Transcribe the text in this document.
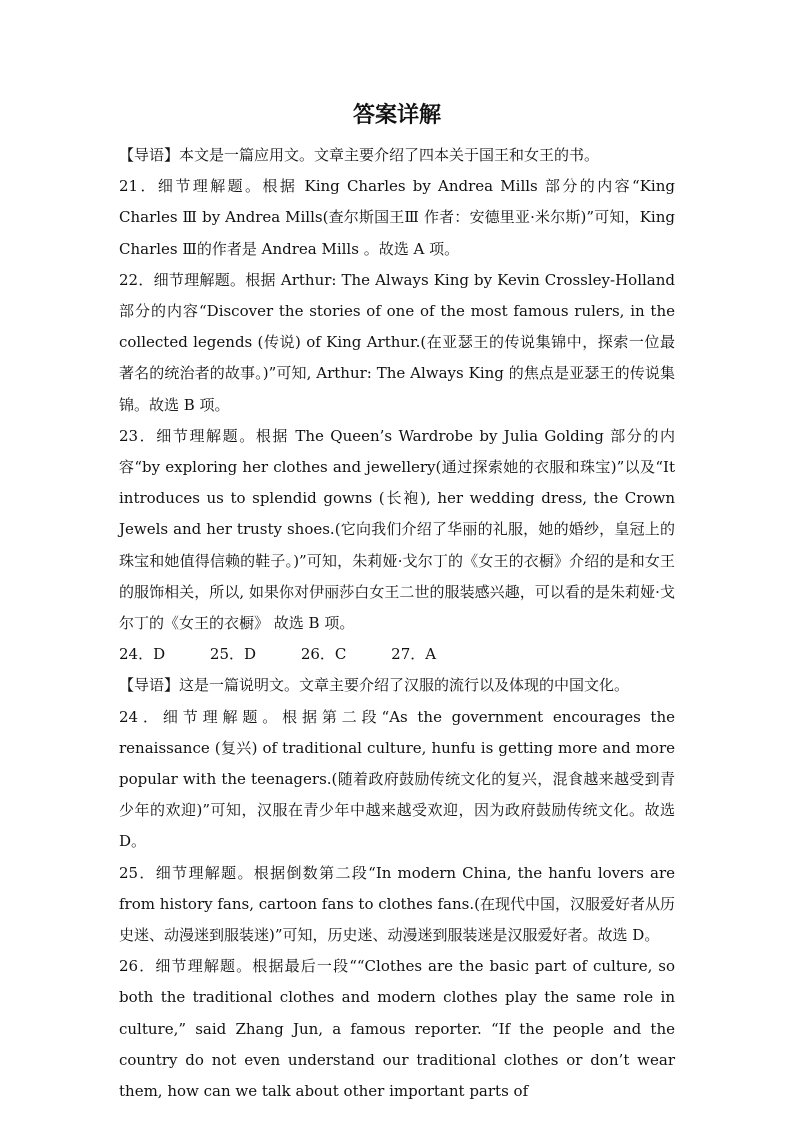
答案详解

【导语】本文是一篇应用文。文章主要介绍了四本关于国王和女王的书。

21．细节理解题。根据 King Charles by Andrea Mills 部分的内容“King Charles Ⅲ by Andrea Mills(查尔斯国王Ⅲ 作者：安德里亚·米尔斯)”可知，King Charles Ⅲ的作者是 Andrea Mills 。故选 A 项。

22．细节理解题。根据 Arthur: The Always King by Kevin Crossley-Holland 部分的内容“Discover the stories of one of the most famous rulers, in the collected legends (传说) of King Arthur.(在亚瑟王的传说集锦中，探索一位最著名的统治者的故事。)”可知, Arthur: The Always King 的焦点是亚瑟王的传说集锦。故选 B 项。

23．细节理解题。根据 The Queen’s Wardrobe by Julia Golding 部分的内容“by exploring her clothes and jewellery(通过探索她的衣服和珠宝)”以及“It introduces us to splendid gowns (长袍), her wedding dress, the Crown Jewels and her trusty shoes.(它向我们介绍了华丽的礼服，她的婚纱，皇冠上的珠宝和她值得信赖的鞋子。)”可知，朱莉娅·戈尔丁的《女王的衣橱》介绍的是和女王的服饰相关，所以, 如果你对伊丽莎白女王二世的服装感兴趣，可以看的是朱莉娅·戈尔丁的《女王的衣橱》 故选 B 项。

24．D	25．D	26．C	27．A

【导语】这是一篇说明文。文章主要介绍了汉服的流行以及体现的中国文化。

24．细节理解题。根据第二段“As the government encourages the renaissance (复兴) of traditional culture, hunfu is getting more and more popular with the teenagers.(随着政府鼓励传统文化的复兴，混食越来越受到青少年的欢迎)”可知，汉服在青少年中越来越受欢迎，因为政府鼓励传统文化。故选 D。

25．细节理解题。根据倒数第二段“In modern China, the hanfu lovers are from history fans, cartoon fans to clothes fans.(在现代中国，汉服爱好者从历史迷、动漫迷到服装迷)”可知，历史迷、动漫迷到服装迷是汉服爱好者。故选 D。

26．细节理解题。根据最后一段““Clothes are the basic part of culture, so both the traditional clothes and modern clothes play the same role in culture,” said Zhang Jun, a famous reporter. “If the people and the country do not even understand our traditional clothes or don’t wear them, how can we talk about other important parts of
